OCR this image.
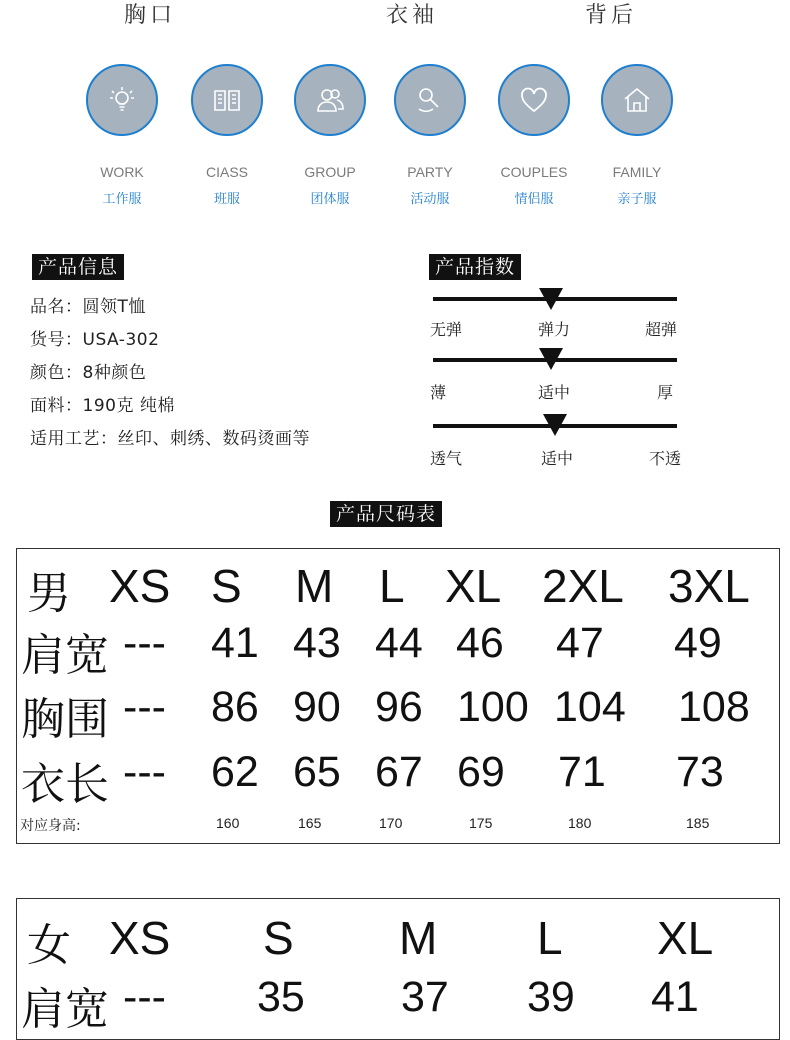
胸口	衣袖	背后
WORK
工作服
CIASS
班服
GROUP
团体服
PARTY
活动服
COUPLES
情侣服
FAMILY
亲子服
产品信息
品名：圆领T恤
货号：USA-302
颜色：8种颜色
面料：190克 纯棉
适用工艺：丝印、刺绣、数码烫画等
产品指数
无弹	弹力	超弹
薄	适中	厚
透气	适中	不透
产品尺码表
男 XS S M L XL 2XL 3XL
肩宽 --- 41 43 44 46 47 49
胸围 --- 86 90 96 100 104 108
衣长 --- 62 65 67 69 71 73
对应身高:	160	165	170	175	180	185
女 XS S M L XL
肩宽 --- 35 37 39 41
